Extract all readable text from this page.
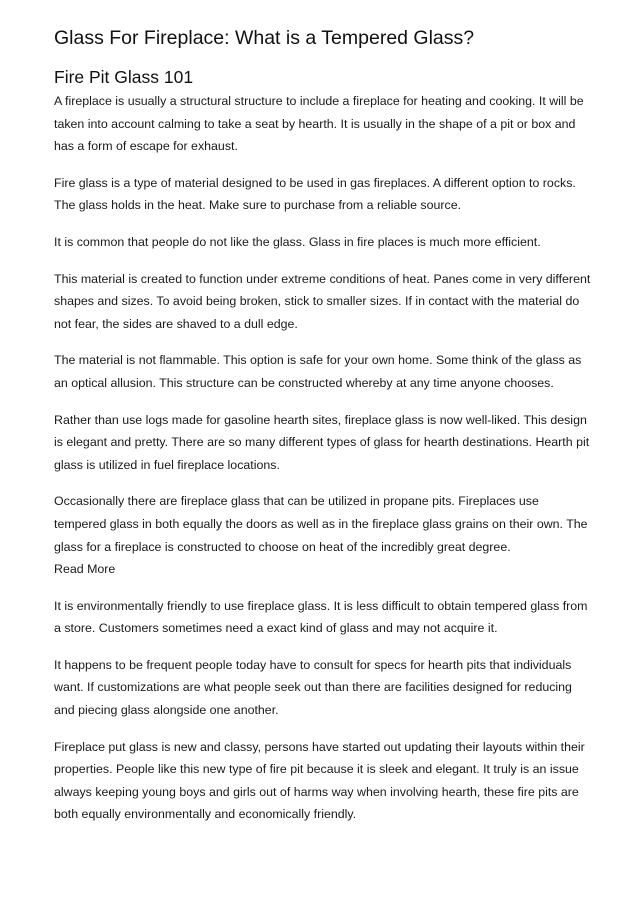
Glass For Fireplace: What is a Tempered Glass?
Fire Pit Glass 101

A fireplace is usually a structural structure to include a fireplace for heating and cooking. It will be taken into account calming to take a seat by hearth. It is usually in the shape of a pit or box and has a form of escape for exhaust.

Fire glass is a type of material designed to be used in gas fireplaces. A different option to rocks. The glass holds in the heat. Make sure to purchase from a reliable source.

It is common that people do not like the glass. Glass in fire places is much more efficient.

This material is created to function under extreme conditions of heat. Panes come in very different shapes and sizes. To avoid being broken, stick to smaller sizes. If in contact with the material do not fear, the sides are shaved to a dull edge.

The material is not flammable. This option is safe for your own home. Some think of the glass as an optical allusion. This structure can be constructed whereby at any time anyone chooses.

Rather than use logs made for gasoline hearth sites, fireplace glass is now well-liked. This design is elegant and pretty. There are so many different types of glass for hearth destinations. Hearth pit glass is utilized in fuel fireplace locations.

Occasionally there are fireplace glass that can be utilized in propane pits. Fireplaces use tempered glass in both equally the doors as well as in the fireplace glass grains on their own. The glass for a fireplace is constructed to choose on heat of the incredibly great degree.
Read More

It is environmentally friendly to use fireplace glass. It is less difficult to obtain tempered glass from a store. Customers sometimes need a exact kind of glass and may not acquire it.

It happens to be frequent people today have to consult for specs for hearth pits that individuals want. If customizations are what people seek out than there are facilities designed for reducing and piecing glass alongside one another.

Fireplace put glass is new and classy, persons have started out updating their layouts within their properties. People like this new type of fire pit because it is sleek and elegant. It truly is an issue always keeping young boys and girls out of harms way when involving hearth, these fire pits are both equally environmentally and economically friendly.
